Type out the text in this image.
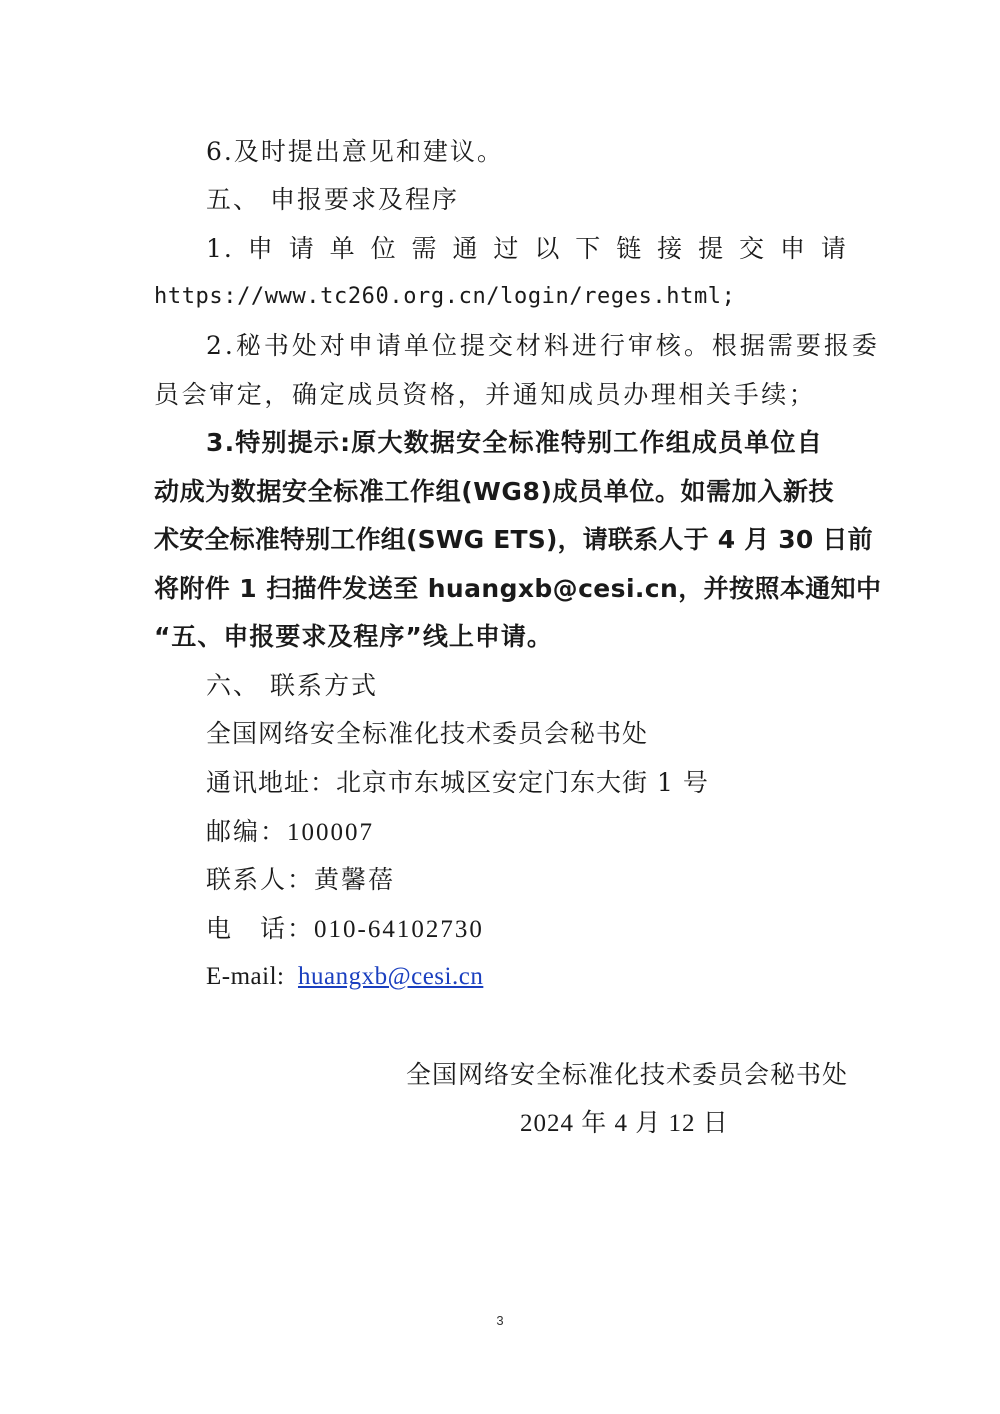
6.及时提出意见和建议。
五、 申报要求及程序
1. 申 请 单 位 需 通 过 以 下 链 接 提 交 申 请
https://www.tc260.org.cn/login/reges.html;
2.秘书处对申请单位提交材料进行审核。根据需要报委
员会审定，确定成员资格，并通知成员办理相关手续；
3.特别提示:原大数据安全标准特别工作组成员单位自
动成为数据安全标准工作组(WG8)成员单位。如需加入新技
术安全标准特别工作组(SWG ETS)，请联系人于 4 月 30 日前
将附件 1 扫描件发送至 huangxb@cesi.cn，并按照本通知中
“五、申报要求及程序”线上申请。
六、 联系方式
全国网络安全标准化技术委员会秘书处
通讯地址：北京市东城区安定门东大街 1 号
邮编：100007
联系人：黄馨蓓
电　话：010-64102730
E-mail: huangxb@cesi.cn
全国网络安全标准化技术委员会秘书处
2024 年 4 月 12 日
3
